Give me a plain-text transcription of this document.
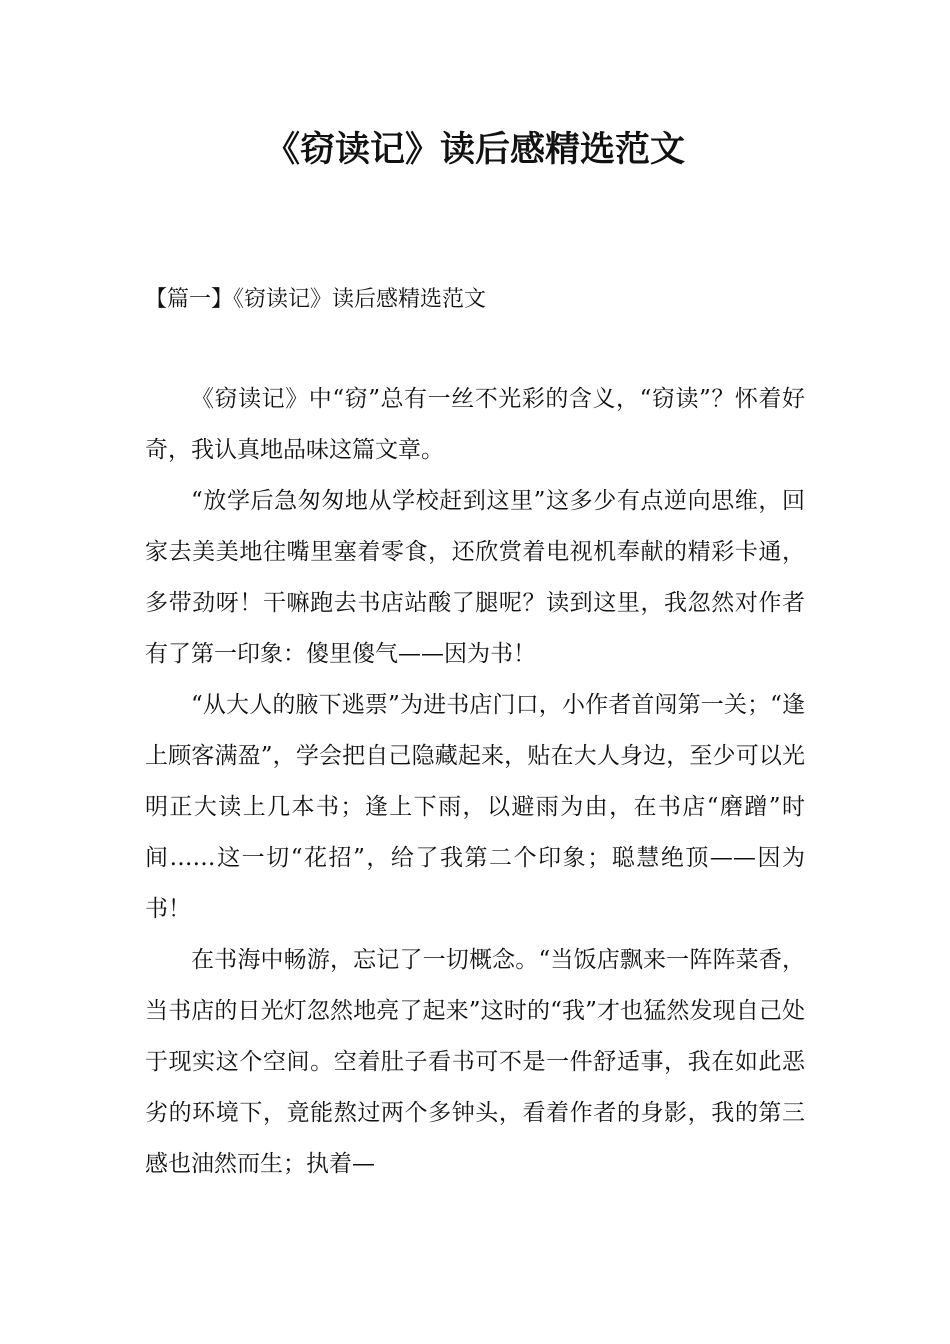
《窃读记》读后感精选范文
【篇一】《窃读记》读后感精选范文

《窃读记》中“窃”总有一丝不光彩的含义，“窃读”？怀着好奇，我认真地品味这篇文章。

“放学后急匆匆地从学校赶到这里”这多少有点逆向思维，回家去美美地往嘴里塞着零食，还欣赏着电视机奉献的精彩卡通，多带劲呀！干嘛跑去书店站酸了腿呢？读到这里，我忽然对作者有了第一印象：傻里傻气——因为书！

“从大人的腋下逃票”为进书店门口，小作者首闯第一关；“逢上顾客满盈”，学会把自己隐藏起来，贴在大人身边，至少可以光明正大读上几本书；逢上下雨，以避雨为由，在书店“磨蹭”时间……这一切“花招”，给了我第二个印象；聪慧绝顶——因为书！

在书海中畅游，忘记了一切概念。“当饭店飘来一阵阵菜香，当书店的日光灯忽然地亮了起来”这时的“我”才也猛然发现自己处于现实这个空间。空着肚子看书可不是一件舒适事，我在如此恶劣的环境下，竟能熬过两个多钟头，看着作者的身影，我的第三感也油然而生；执着—
